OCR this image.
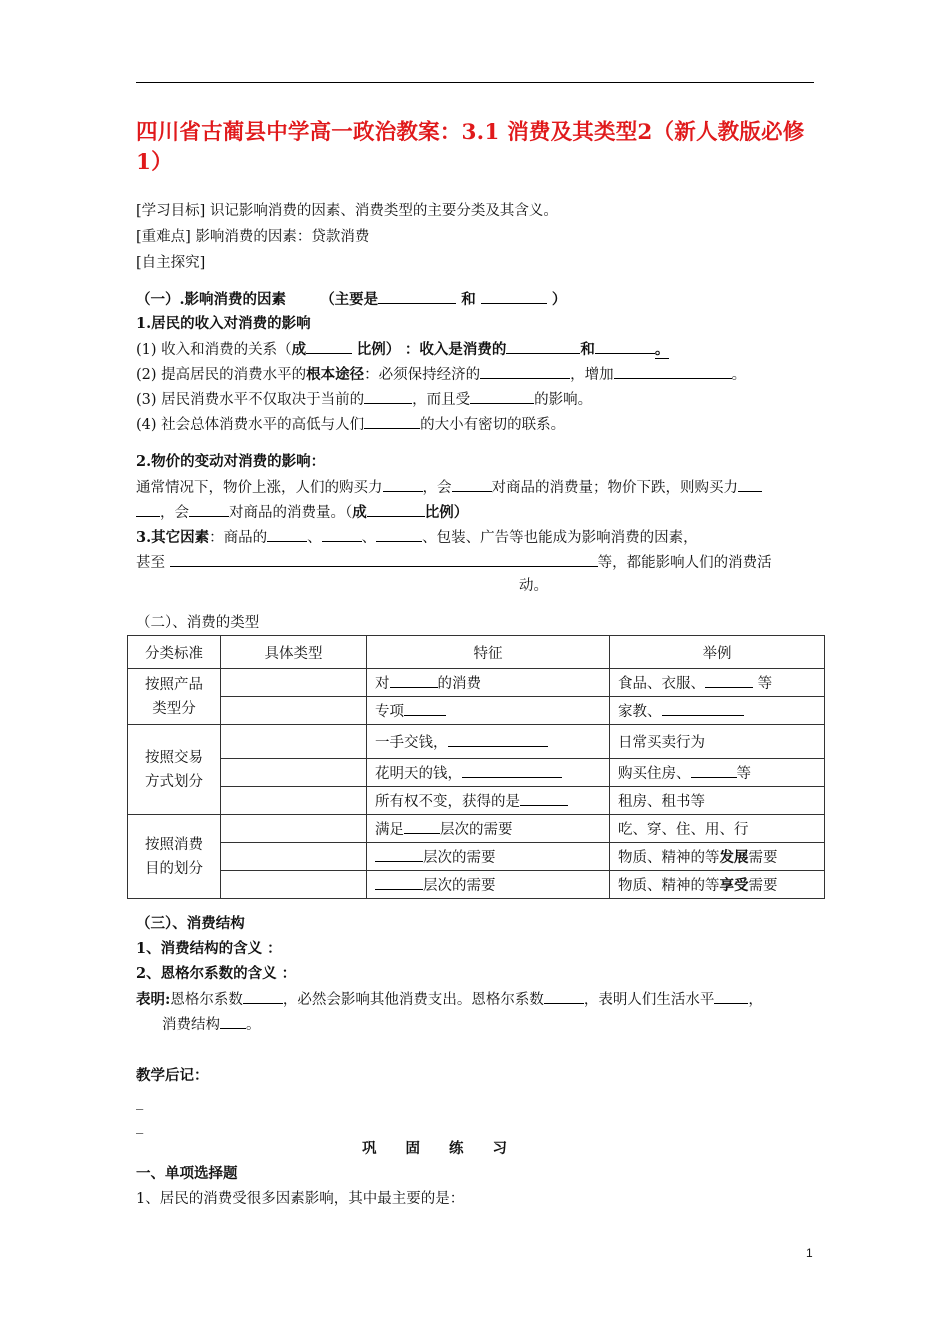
四川省古蔺县中学高一政治教案：3.1 消费及其类型2（新人教版必修1）
[学习目标] 识记影响消费的因素、消费类型的主要分类及其含义。
[重难点] 影响消费的因素：贷款消费
[自主探究]
（一）.影响消费的因素 （主要是	和	）
1.居民的收入对消费的影响
(1) 收入和消费的关系（成	比例） ：收入是消费的	和	。
(2) 提高居民的消费水平的根本途径：必须保持经济的	，增加	。
(3) 居民消费水平不仅取决于当前的	，而且受	的影响。
(4) 社会总体消费水平的高低与人们	的大小有密切的联系。
2.物价的变动对消费的影响：
通常情况下，物价上涨，人们的购买力	，会	对商品的消费量；物价下跌，则购买力
，会	对商品的消费量。（成	比例）
3.其它因素：商品的	、	、	、包装、广告等也能成为影响消费的因素，
甚至	等，都能影响人们的消费活
动。
（二）、消费的类型
分类标准	具体类型	特征	举例
按照产品类型分		对 的消费	食品、衣服、 等
		专项	家教、
按照交易方式划分		一手交钱，	日常买卖行为
		花明天的钱，	购买住房、 等
		所有权不变，获得的是	租房、租书等
按照消费目的划分		满足 层次的需要	吃、穿、住、用、行
		层次的需要	物质、精神的等发展需要
		层次的需要	物质、精神的等享受需要
（三）、消费结构
1、消费结构的含义 ：
2、恩格尔系数的含义 ：
表明:恩格尔系数	，必然会影响其他消费支出。恩格尔系数	，表明人们生活水平 ，
消费结构 。
教学后记：
_
_
巩　　固　　练　　习
一、单项选择题
1、居民的消费受很多因素影响，其中最主要的是：
1
